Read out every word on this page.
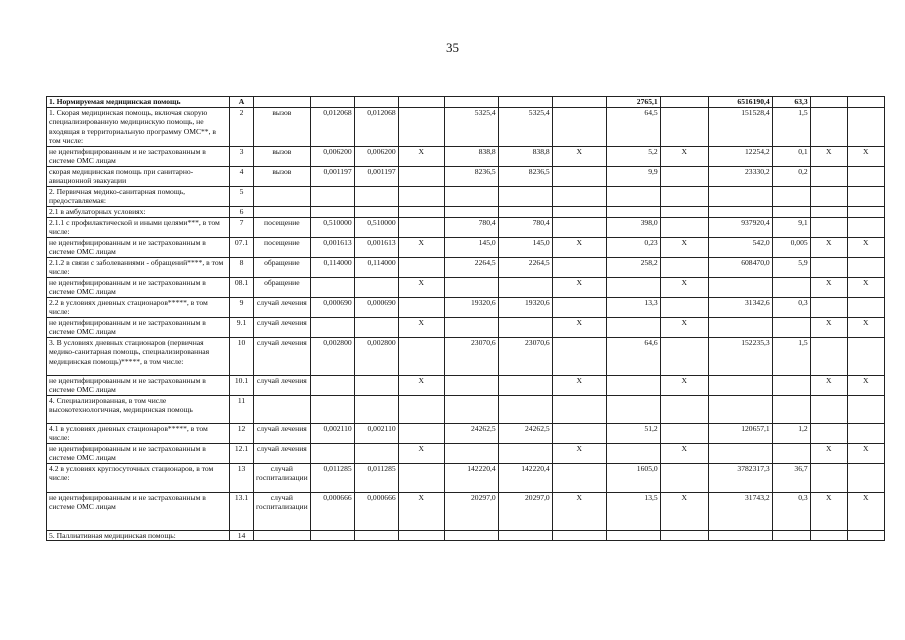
35
1. Нормируемая медицинская помощь	А								2765,1		6516190,4	63,3		
1. Скорая медицинская помощь, включая скорую специализированную медицинскую помощь, не входящая в территориальную программу ОМС**, в том числе:	2	вызов	0,012068	0,012068		5325,4	5325,4		64,5		151528,4	1,5		
не идентифицированным и не застрахованным в системе ОМС лицам	3	вызов	0,006200	0,006200	Х	838,8	838,8	Х	5,2	Х	12254,2	0,1	Х	Х
скорая медицинская помощь при санитарно-авиационной эвакуации	4	вызов	0,001197	0,001197		8236,5	8236,5		9,9		23330,2	0,2		
2. Первичная медико-санитарная помощь, предоставляемая:	5													
2.1 в амбулаторных условиях:	6													
2.1.1 с профилактической и иными целями***, в том числе:	7	посещение	0,510000	0,510000		780,4	780,4		398,0		937920,4	9,1		
не идентифицированным и не застрахованным в системе ОМС лицам	07.1	посещение	0,001613	0,001613	Х	145,0	145,0	Х	0,23	Х	542,0	0,005	Х	Х
2.1.2 в связи с заболеваниями - обращений****, в том числе:	8	обращение	0,114000	0,114000		2264,5	2264,5		258,2		608470,0	5,9		
не идентифицированным и не застрахованным в системе ОМС лицам	08.1	обращение			Х			Х		Х			Х	Х
2.2 в условиях дневных стационаров*****, в том числе:	9	случай лечения	0,000690	0,000690		19320,6	19320,6		13,3		31342,6	0,3		
не идентифицированным и не застрахованным в системе ОМС лицам	9.1	случай лечения			Х			Х		Х			Х	Х
3. В условиях дневных стационаров (первичная медико-санитарная помощь, специализированная медицинская помощь)*****, в том числе:	10	случай лечения	0,002800	0,002800		23070,6	23070,6		64,6		152235,3	1,5		
не идентифицированным и не застрахованным в системе ОМС лицам	10.1	случай лечения			Х			Х		Х			Х	Х
4. Специализированная, в том числе высокотехнологичная, медицинская помощь	11													
4.1 в условиях дневных стационаров*****, в том числе:	12	случай лечения	0,002110	0,002110		24262,5	24262,5		51,2		120657,1	1,2		
не идентифицированным и не застрахованным в системе ОМС лицам	12.1	случай лечения			Х			Х		Х			Х	Х
4.2 в условиях круглосуточных стационаров, в том числе:	13	случай госпитализации	0,011285	0,011285		142220,4	142220,4		1605,0		3782317,3	36,7		
не идентифицированным и не застрахованным в системе ОМС лицам	13.1	случай госпитализации	0,000666	0,000666	Х	20297,0	20297,0	Х	13,5	Х	31743,2	0,3	Х	Х
5. Паллиативная медицинская помощь:	14													
